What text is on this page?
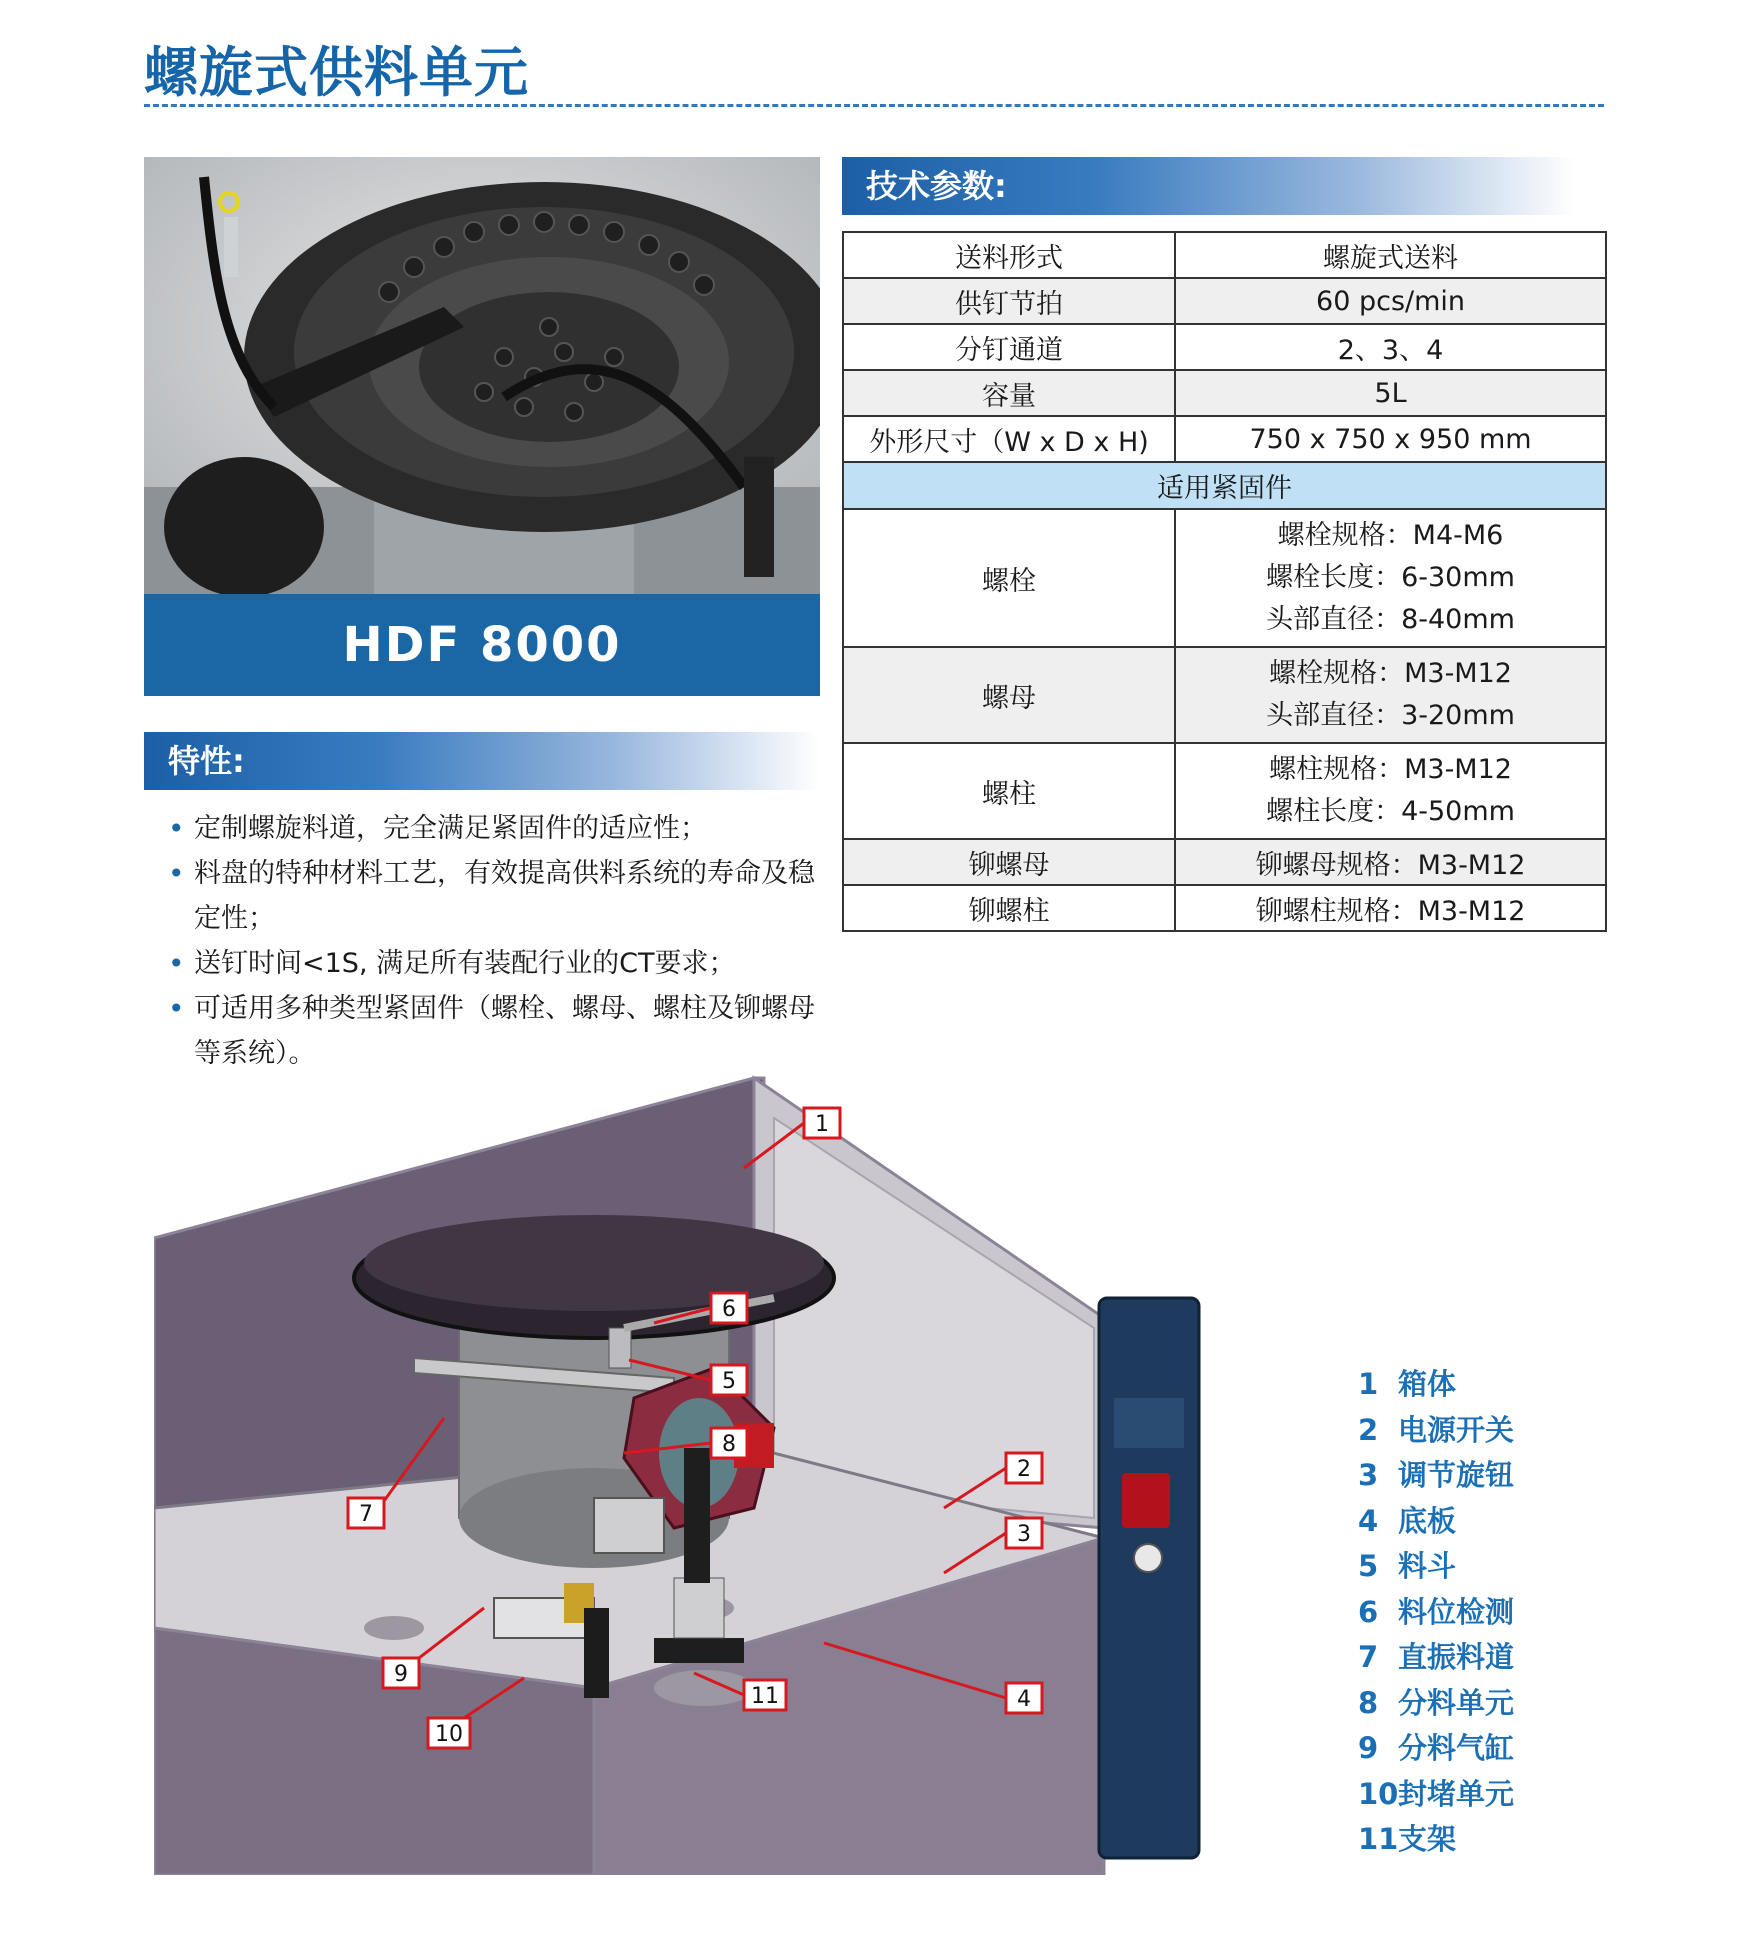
螺旋式供料单元
HDF 8000
技术参数:
送料形式	螺旋式送料
供钉节拍	60 pcs/min
分钉通道	2、3、4
容量	5L
外形尺寸（W x D x H)	750 x 750 x 950 mm
适用紧固件	
螺栓	螺栓规格：M4-M6
螺栓长度：6-30mm
头部直径：8-40mm

螺母	螺栓规格：M3-M12
头部直径：3-20mm

螺柱	螺柱规格：M3-M12
螺柱长度：4-50mm

铆螺母	铆螺母规格：M3-M12
铆螺柱	铆螺柱规格：M3-M12
特性:
• 定制螺旋料道，完全满足紧固件的适应性；
• 料盘的特种材料工艺，有效提高供料系统的寿命及稳定性；
• 送钉时间<1S, 满足所有装配行业的CT要求；
• 可适用多种类型紧固件（螺栓、螺母、螺柱及铆螺母等系统）。
1
2
3
4
5
6
7
8
9
10
11
1 箱体
2 电源开关
3 调节旋钮
4 底板
5 料斗
6 料位检测
7 直振料道
8 分料单元
9 分料气缸
10封堵单元
11支架
